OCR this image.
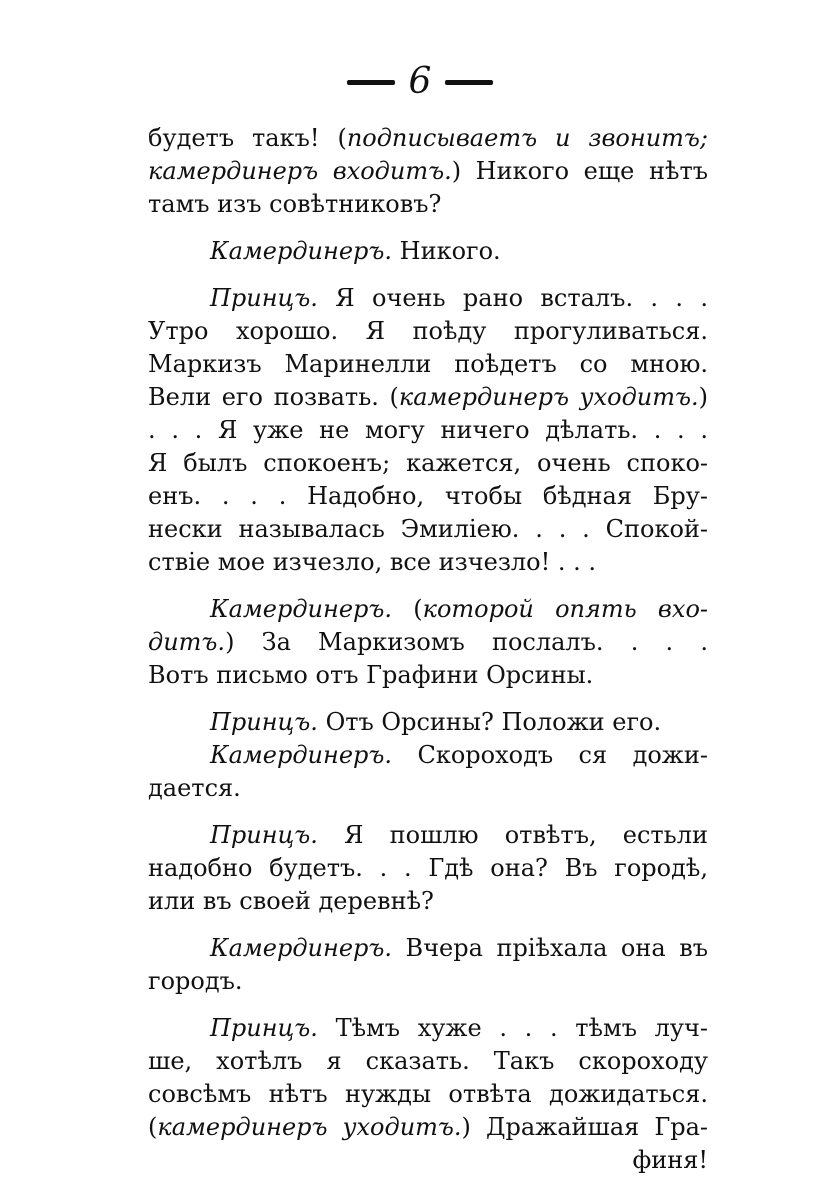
6
будетъ такъ! (подписываетъ и звонитъ;
камердинеръ входитъ.) Никого еще нѣтъ
тамъ изъ совѣтниковъ?
Камердинеръ. Никого.
Принцъ. Я очень рано всталъ. . . .
Утро хорошо. Я поѣду прогуливаться.
Маркизъ Маринелли поѣдетъ со мною.
Вели его позвать. (камердинеръ уходитъ.)
. . . Я уже не могу ничего дѣлать. . . .
Я былъ спокоенъ; кажется, очень споко-
енъ. . . . Надобно, чтобы бѣдная Бру-
нески называлась Эмиліею. . . . Спокой-
ствіе мое изчезло, все изчезло! . . .
Камердинеръ. (которой опять вхо-
дитъ.) За Маркизомъ послалъ. . . .
Вотъ письмо отъ Графини Орсины.
Принцъ. Отъ Орсины? Положи его.
Камердинеръ. Скороходъ ся дожи-
дается.
Принцъ. Я пошлю отвѣтъ, естьли
надобно будетъ. . . Гдѣ она? Въ городѣ,
или въ своей деревнѣ?
Камердинеръ. Вчера пріѣхала она въ
городъ.
Принцъ. Тѣмъ хуже . . . тѣмъ луч-
ше, хотѣлъ я сказать. Такъ скороходу
совсѣмъ нѣтъ нужды отвѣта дожидаться.
(камердинеръ уходитъ.) Дражайшая Гра-
финя!
